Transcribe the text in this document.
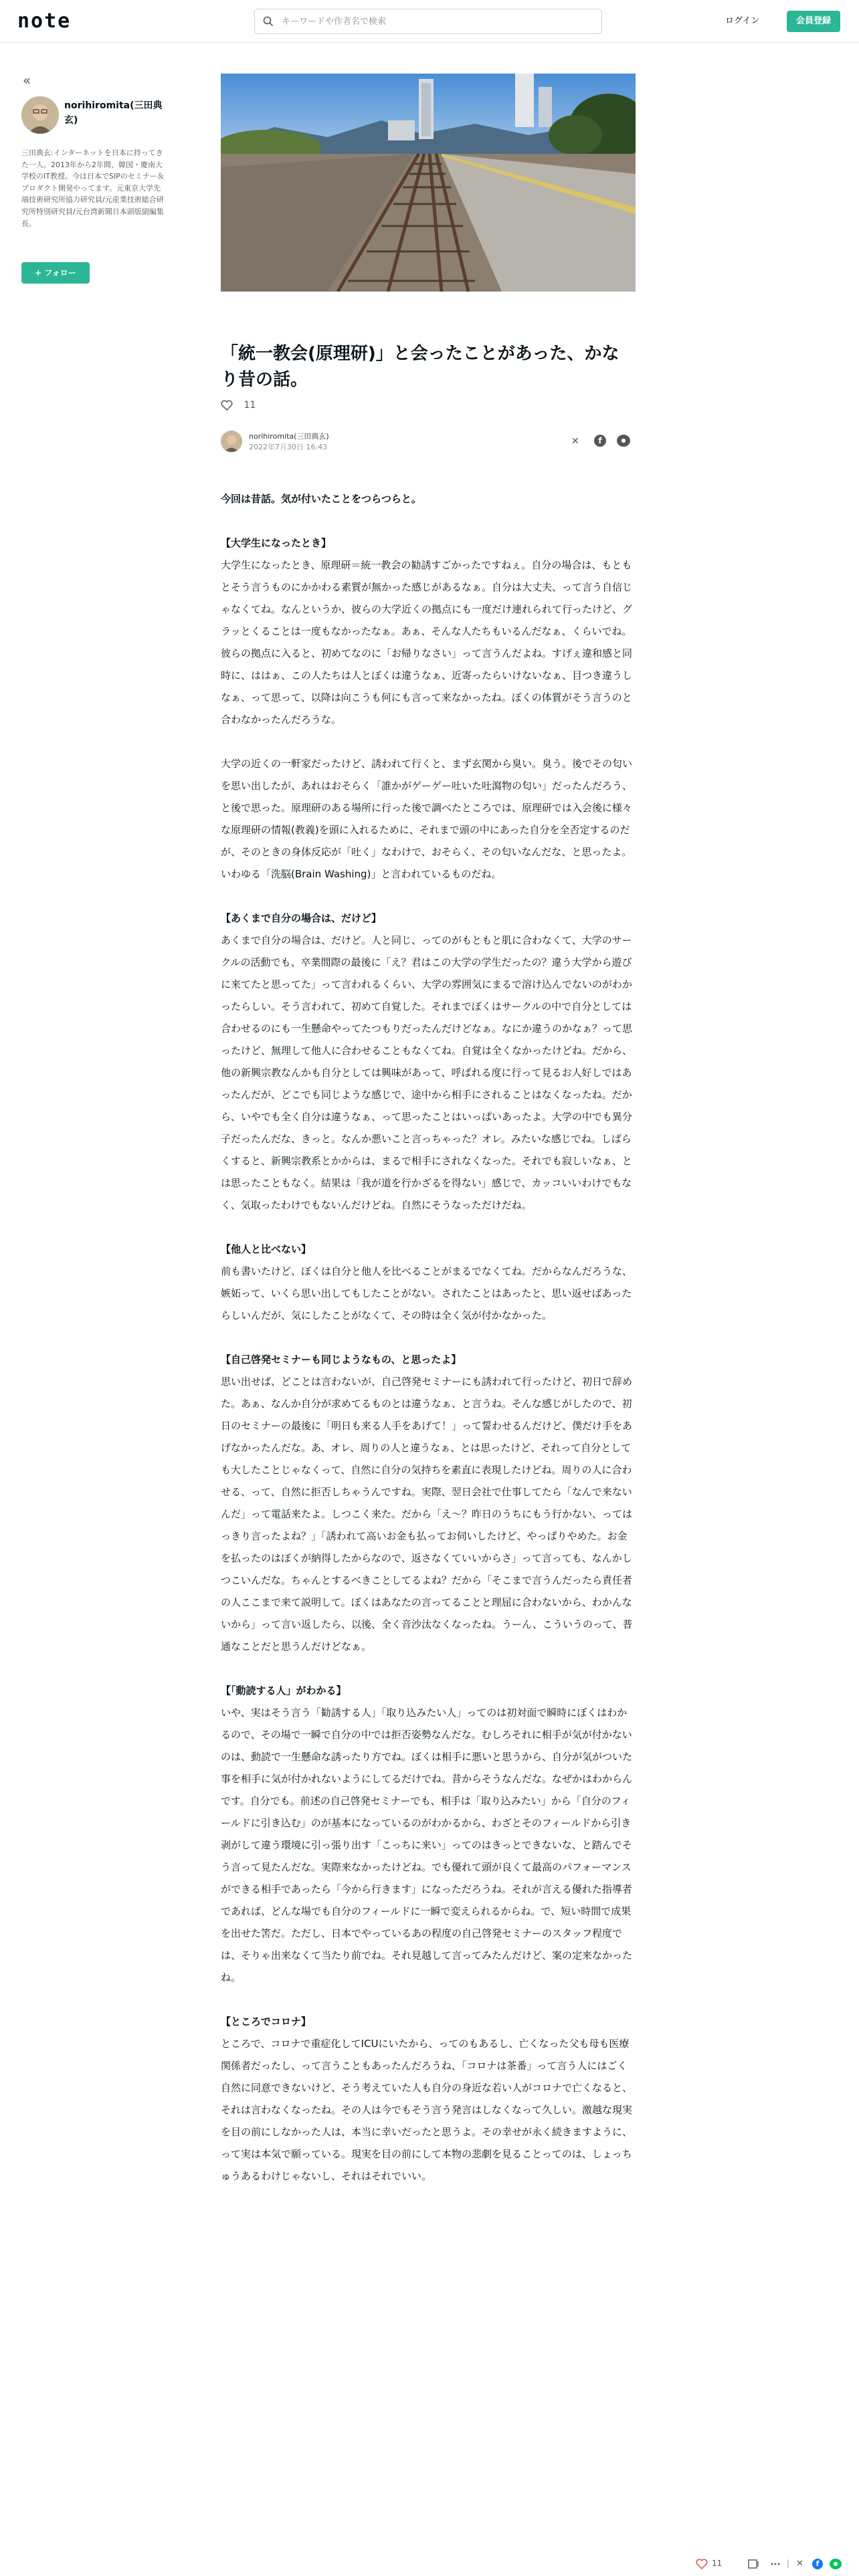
note
キーワードや作者名で検索	ログイン	会員登録
«
norihiromita(三田典玄)
三田典玄:インターネットを日本に持ってきた一人。2013年から2年間、韓国・慶南大学校のIT教授。今は日本でSIPのセミナー＆プロダクト開発やってます。元東京大学先端技術研究所協力研究員/元産業技術総合研究所特別研究員/元台湾新聞日本頭版副編集長。
+ フォロー
「統一教会(原理研)」と会ったことがあった、かなり昔の話。
11
norihiromita(三田典玄)
2022年7月30日 16:43
✕	f	●

今回は昔話。気が付いたことをつらつらと。

【大学生になったとき】

大学生になったとき、原理研＝統一教会の勧誘すごかったですねぇ。自分の場合は、もともとそう言うものにかかわる素質が無かった感じがあるなぁ。自分は大丈夫、って言う自信じゃなくてね。なんというか、彼らの大学近くの拠点にも一度だけ連れられて行ったけど、グラッとくることは一度もなかったなぁ。あぁ、そんな人たちもいるんだなぁ、くらいでね。彼らの拠点に入ると、初めてなのに「お帰りなさい」って言うんだよね。すげぇ違和感と同時に、ははぁ、この人たちは人とぼくは違うなぁ、近寄ったらいけないなぁ、目つき違うしなぁ、って思って、以降は向こうも何にも言って来なかったね。ぼくの体質がそう言うのと合わなかったんだろうな。

大学の近くの一軒家だったけど、誘われて行くと、まず玄関から臭い。臭う。後でその匂いを思い出したが、あれはおそらく「誰かがゲーゲー吐いた吐瀉物の匂い」だったんだろう、と後で思った。原理研のある場所に行った後で調べたところでは、原理研では入会後に様々な原理研の情報(教義)を頭に入れるために、それまで頭の中にあった自分を全否定するのだが、そのときの身体反応が「吐く」なわけで、おそらく、その匂いなんだな、と思ったよ。いわゆる「洗脳(Brain Washing)」と言われているものだね。

【あくまで自分の場合は、だけど】

あくまで自分の場合は、だけど。人と同じ、ってのがもともと肌に合わなくて、大学のサークルの活動でも、卒業間際の最後に「え？君はこの大学の学生だったの？違う大学から遊びに来てたと思ってた」って言われるくらい、大学の雰囲気にまるで溶け込んでないのがわかったらしい。そう言われて、初めて自覚した。それまでぼくはサークルの中で自分としては合わせるのにも一生懸命やってたつもりだったんだけどなぁ。なにか違うのかなぁ？って思ったけど、無理して他人に合わせることもなくてね。自覚は全くなかったけどね。だから、他の新興宗教なんかも自分としては興味があって、呼ばれる度に行って見るお人好しではあったんだが、どこでも同じような感じで、途中から相手にされることはなくなったね。だから、いやでも全く自分は違うなぁ、って思ったことはいっぱいあったよ。大学の中でも異分子だったんだな、きっと。なんか悪いこと言っちゃった？オレ。みたいな感じでね。しばらくすると、新興宗教系とかからは、まるで相手にされなくなった。それでも寂しいなぁ、とは思ったこともなく。結果は「我が道を行かざるを得ない」感じで、カッコいいわけでもなく、気取ったわけでもないんだけどね。自然にそうなっただけだね。

【他人と比べない】

前も書いたけど、ぼくは自分と他人を比べることがまるでなくてね。だからなんだろうな、嫉妬って、いくら思い出してもしたことがない。されたことはあったと、思い返せばあったらしいんだが、気にしたことがなくて、その時は全く気が付かなかった。

【自己啓発セミナーも同じようなもの、と思ったよ】

思い出せば、どことは言わないが、自己啓発セミナーにも誘われて行ったけど、初日で辞めた。あぁ、なんか自分が求めてるものとは違うなぁ、と言うね。そんな感じがしたので、初日のセミナーの最後に「明日も来る人手をあげて！」って誓わせるんだけど、僕だけ手をあげなかったんだな。あ、オレ、周りの人と違うなぁ、とは思ったけど、それって自分としても大したことじゃなくって、自然に自分の気持ちを素直に表現したけどね。周りの人に合わせる、って、自然に拒否しちゃうんですね。実際、翌日会社で仕事してたら「なんで来ないんだ」って電話来たよ。しつこく来た。だから「え〜？昨日のうちにもう行かない、ってはっきり言ったよね？」「誘われて高いお金も払ってお伺いしたけど、やっぱりやめた。お金を払ったのはぼくが納得したからなので、返さなくていいからさ」って言っても、なんかしつこいんだな。ちゃんとするべきことしてるよね？だから「そこまで言うんだったら責任者の人ここまで来て説明して。ぼくはあなたの言ってることと理屈に合わないから、わかんないから」って言い返したら、以後、全く音沙汰なくなったね。うーん、こういうのって、普通なことだと思うんだけどなぁ。

【「動読する人」がわかる】

いや、実はそう言う「勧誘する人」「取り込みたい人」ってのは初対面で瞬時にぼくはわかるので、その場で一瞬で自分の中では拒否姿勢なんだな。むしろそれに相手が気が付かないのは、動読で一生懸命な誘ったり方でね。ぼくは相手に悪いと思うから、自分が気がついた事を相手に気が付かれないようにしてるだけでね。昔からそうなんだな。なぜかはわからんです。自分でも。前述の自己啓発セミナーでも、相手は「取り込みたい」から「自分のフィールドに引き込む」のが基本になっているのがわかるから、わざとそのフィールドから引き剥がして違う環境に引っ張り出す「こっちに来い」ってのはきっとできないな、と踏んでそう言って見たんだな。実際来なかったけどね。でも優れて頭が良くて最高のパフォーマンスができる相手であったら「今から行きます」になっただろうね。それが言える優れた指導者であれば、どんな場でも自分のフィールドに一瞬で変えられるからね。で、短い時間で成果を出せた筈だ。ただし、日本でやっているあの程度の自己啓発セミナーのスタッフ程度では、そりゃ出来なくて当たり前でね。それ見越して言ってみたんだけど、案の定来なかったね。

【ところでコロナ】

ところで、コロナで重症化してICUにいたから、ってのもあるし、亡くなった父も母も医療関係者だったし、って言うこともあったんだろうね、「コロナは茶番」って言う人にはごく自然に同意できないけど、そう考えていた人も自分の身近な若い人がコロナで亡くなると、それは言わなくなったね。その人は今でもそう言う発言はしなくなって久しい。激越な現実を目の前にしなかった人は、本当に幸いだったと思うよ。その幸せが永く続きますように、って実は本気で願っている。現実を目の前にして本物の悲劇を見ることってのは、しょっちゅうあるわけじゃないし、それはそれでいい。

11	| ✕	f	●
